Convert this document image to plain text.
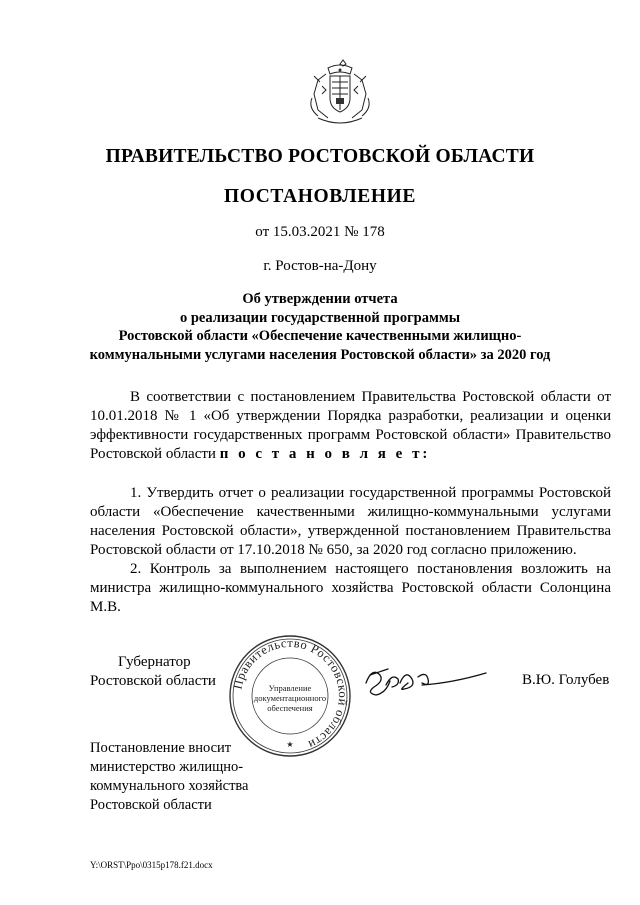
ПРАВИТЕЛЬСТВО РОСТОВСКОЙ ОБЛАСТИ
ПОСТАНОВЛЕНИЕ
от 15.03.2021 № 178
г. Ростов-на-Дону
Об утверждении отчета
о реализации государственной программы
Ростовской области «Обеспечение качественными жилищно-
коммунальными услугами населения Ростовской области» за 2020 год

В соответствии с постановлением Правительства Ростовской области от 10.01.2018 № 1 «Об утверждении Порядка разработки, реализации и оценки эффективности государственных программ Ростовской области» Правительство Ростовской области п о с т а н о в л я е т:

1. Утвердить отчет о реализации государственной программы Ростовской области «Обеспечение качественными жилищно-коммунальными услугами населения Ростовской области», утвержденной постановлением Правительства Ростовской области от 17.10.2018 № 650, за 2020 год согласно приложению.

2. Контроль за выполнением настоящего постановления возложить на министра жилищно-коммунального хозяйства Ростовской области Солонцина М.В.

Губернатор
Ростовской области Правительство Ростовской области
Управление
документационного
обеспечения
★
В.Ю. Голубев
Постановление вносит
министерство жилищно-
коммунального хозяйства
Ростовской области
Y:\ORST\Ppo\0315p178.f21.docx
